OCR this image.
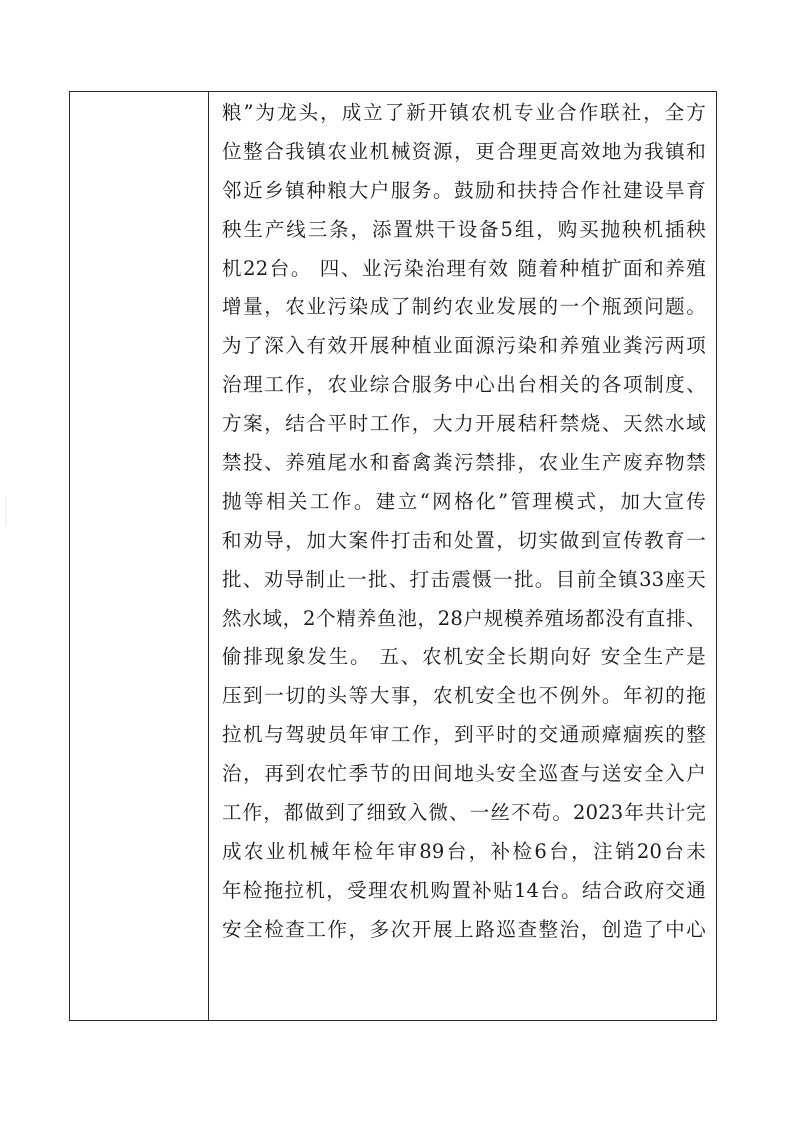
粮”为龙头，成立了新开镇农机专业合作联社，全方
位整合我镇农业机械资源，更合理更高效地为我镇和
邻近乡镇种粮大户服务。鼓励和扶持合作社建设旱育
秧生产线三条，添置烘干设备5组，购买抛秧机插秧
机22台。 四、业污染治理有效 随着种植扩面和养殖
增量，农业污染成了制约农业发展的一个瓶颈问题。
为了深入有效开展种植业面源污染和养殖业粪污两项
治理工作，农业综合服务中心出台相关的各项制度、
方案，结合平时工作，大力开展秸秆禁烧、天然水域
禁投、养殖尾水和畜禽粪污禁排，农业生产废弃物禁
抛等相关工作。建立“网格化”管理模式，加大宣传
和劝导，加大案件打击和处置，切实做到宣传教育一
批、劝导制止一批、打击震慑一批。目前全镇33座天
然水域，2个精养鱼池，28户规模养殖场都没有直排、
偷排现象发生。 五、农机安全长期向好 安全生产是
压到一切的头等大事，农机安全也不例外。年初的拖
拉机与驾驶员年审工作，到平时的交通顽瘴痼疾的整
治，再到农忙季节的田间地头安全巡查与送安全入户
工作，都做到了细致入微、一丝不苟。2023年共计完
成农业机械年检年审89台，补检6台，注销20台未
年检拖拉机，受理农机购置补贴14台。结合政府交通
安全检查工作，多次开展上路巡查整治，创造了中心
